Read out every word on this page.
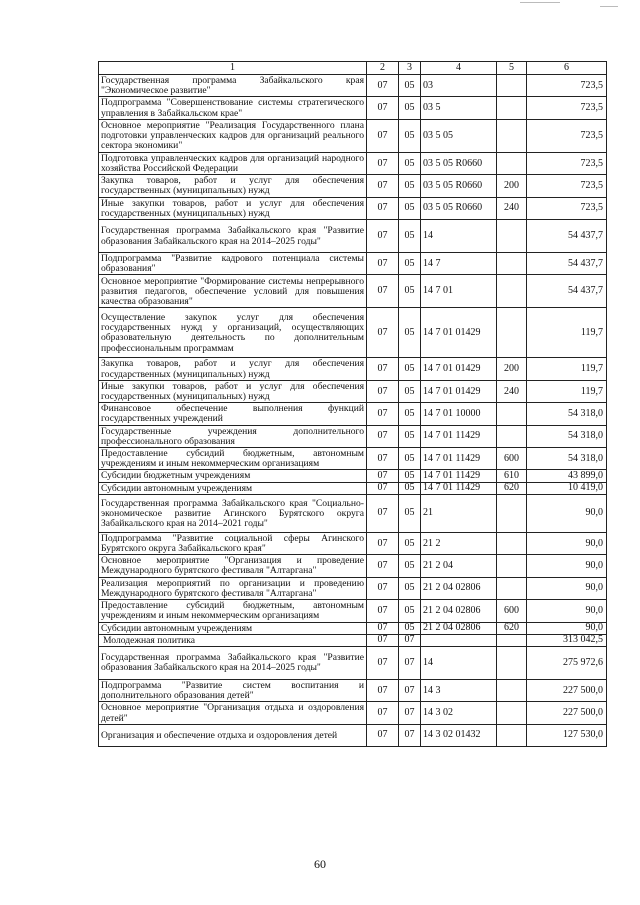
1	2	3	4	5	6
Государственная программа Забайкальского края "Экономическое развитие"	07	05	03		723,5
Подпрограмма "Совершенствование системы стратегического управления в Забайкальском крае"	07	05	03 5		723,5
Основное мероприятие "Реализация Государственного плана подготовки управленческих кадров для организаций реального сектора экономики"	07	05	03 5 05		723,5
Подготовка управленческих кадров для организаций народного хозяйства Российской Федерации	07	05	03 5 05 R0660		723,5
Закупка товаров, работ и услуг для обеспечения государственных (муниципальных) нужд	07	05	03 5 05 R0660	200	723,5
Иные закупки товаров, работ и услуг для обеспечения государственных (муниципальных) нужд	07	05	03 5 05 R0660	240	723,5
Государственная программа Забайкальского края "Развитие образования Забайкальского края на 2014–2025 годы"	07	05	14		54 437,7
Подпрограмма "Развитие кадрового потенциала системы образования"	07	05	14 7		54 437,7
Основное мероприятие "Формирование системы непрерывного развития педагогов, обеспечение условий для повышения качества образования"	07	05	14 7 01		54 437,7
Осуществление закупок услуг для обеспечения государственных нужд у организаций, осуществляющих образовательную деятельность по дополнительным профессиональным программам	07	05	14 7 01 01429		119,7
Закупка товаров, работ и услуг для обеспечения государственных (муниципальных) нужд	07	05	14 7 01 01429	200	119,7
Иные закупки товаров, работ и услуг для обеспечения государственных (муниципальных) нужд	07	05	14 7 01 01429	240	119,7
Финансовое обеспечение выполнения функций государственных учреждений	07	05	14 7 01 10000		54 318,0
Государственные учреждения дополнительного профессионального образования	07	05	14 7 01 11429		54 318,0
Предоставление субсидий бюджетным, автономным учреждениям и иным некоммерческим организациям	07	05	14 7 01 11429	600	54 318,0
Субсидии бюджетным учреждениям	07	05	14 7 01 11429	610	43 899,0
Субсидии автономным учреждениям	07	05	14 7 01 11429	620	10 419,0
Государственная программа Забайкальского края "Социально-экономическое развитие Агинского Бурятского округа Забайкальского края на 2014–2021 годы"	07	05	21		90,0
Подпрограмма "Развитие социальной сферы Агинского Бурятского округа Забайкальского края"	07	05	21 2		90,0
Основное мероприятие "Организация и проведение Международного бурятского фестиваля "Алтаргана"	07	05	21 2 04		90,0
Реализация мероприятий по организации и проведению Международного бурятского фестиваля "Алтаргана"	07	05	21 2 04 02806		90,0
Предоставление субсидий бюджетным, автономным учреждениям и иным некоммерческим организациям	07	05	21 2 04 02806	600	90,0
Субсидии автономным учреждениям	07	05	21 2 04 02806	620	90,0
Молодежная политика	07	07			313 042,5
Государственная программа Забайкальского края "Развитие образования Забайкальского края на 2014–2025 годы"	07	07	14		275 972,6
Подпрограмма "Развитие систем воспитания и дополнительного образования детей"	07	07	14 3		227 500,0
Основное мероприятие "Организация отдыха и оздоровления детей"	07	07	14 3 02		227 500,0
Организация и обеспечение отдыха и оздоровления детей	07	07	14 3 02 01432		127 530,0
60
